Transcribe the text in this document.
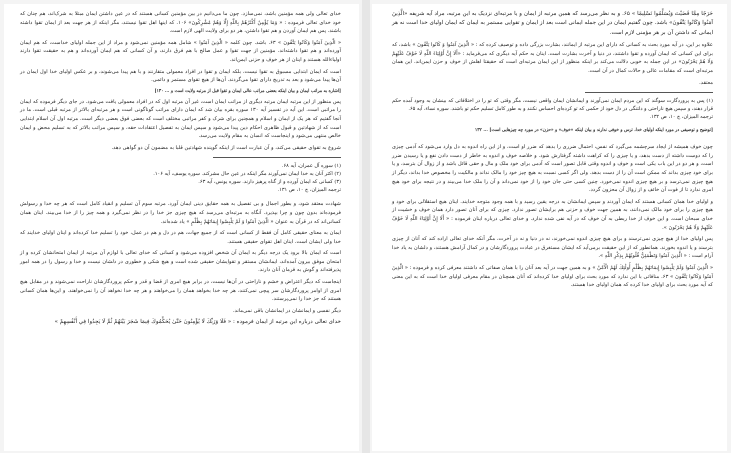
خدای تعالی ولی همه مؤمنین باشد، نمی‌سازد. چون ما می‌دانیم در بین مؤمنین کسانی هستند که در عین داشتن ایمان مبتلا به شرک‌اند، هم چنان که خود خدای تعالی فرموده : « وَمَا يُؤْمِنُ أَكْثَرُهُمْ بِاللَّهِ إِلَّا وَهُمْ مُشْرِكُونَ» ۱۰۶. که اینها اهل تقوا نیستند، مگر اینکه از هر جهت بعد از ایمان تقوا داشته باشند. پس هم ایمان آوردن و هم تقوا داشتن، هر دو برای ولایت الهی لازم است.

« الَّذِينَ آمَنُوا وَكَانُوا يَتَّقُونَ » ۶۳. باشد. چون کلمه « الَّذِينَ آمَنُوا » شامل همه مؤمنین نمی‌شود و مراد از این جمله اولیای خداست، که هم ایمان آورده‌اند و هم تقوا داشته‌اند. مؤمنین از جهت تقوا و عمل صالح با هم فرق دارند، و آن کسانی که هم ایمان آورده‌اند و هم به حقیقت تقوا دارند اولیاءالله هستند و اینان از هر خوف و حزنی ایمن‌اند.

است که ایمان ابتدایی مسبوق به تقوا نیست، بلکه ایمان و تقوا در افراد معمولی متقارنند و با هم پیدا می‌شوند، و بر عکس اولیای خدا اول ایمان در آن‌ها پیدا می‌شود و بعد به تدریج دارای تقوا می‌گردند. آن‌ها از هیچ تقوای مستمر و دائمی.

[اشاره به مراتب ایمان و بیان اینکه بعضی مراتب عالی ایمان و تقوا قبل از مرتبه ولایت است و ... ۱۳۰]

پس منظور از این مرتبه ایمان مرتبه دیگری از مراتب ایمان است، غیر آن مرتبه اول که در افراد معمولی یافت می‌شود. در جای دیگر فرموده که ایمان را مراتبی است. این آیه در تفسیر آیه ۱۳۰ سوره بقره بیان شد که ایمان دارای مراتب گوناگونی است و هر مرتبه‌ای بالاتر از مرتبه قبلی است. ما در آنجا گفتیم که هر یک از ایمان و اسلام و همچنین برای شرک و کفر مراتبی مختلف است که بعضی فوق بعضی دیگر است. مرتبه اول آن اسلام ابتدایی است که از شهادتین و قبول ظاهری احکام دین پیدا می‌شود و سپس ایمان به تفصیل اعتقادات حقه، و سپس مراتب بالاتر که به تسلیم محض و ایمان خالص منتهی می‌شود و اینجاست که انسان به مقام ولایت می‌رسد.

شروع به تقوای حقیقی می‌کند، و آن عبارت است از اینکه گوینده شهادتین قلبا به مضمون آن دو گواهی دهد.

(۱) سوره آل عمران، آیه ۶۸.

(۲) اکثر آنان به خدا ایمان نمی‌آورند مگر اینکه در عین حال مشرکند. سوره یوسف، آیه ۱۰۶.

(۳) کسانی که ایمان آورده و از گناه پرهیز دارند. سوره یونس، آیه ۶۳.

ترجمه المیزان، ج ۱۰، ص ۱۳۱.

شهادت معتقد شود، و بطور اجمال و بی تفصیل به همه حقایق دینی ایمان آورد. مرتبه سوم آن تسلیم و انقیاد کامل است که هر چه خدا و رسولش فرموده‌اند بدون چون و چرا بپذیرد. آنگاه به مرتبه‌ای می‌رسد که هیچ چیزی جز خدا را در نظر نمی‌گیرد و همه چیز را از خدا می‌بیند. اینان همان کسانی‌اند که در قرآن به عنوان « الَّذِينَ آمَنُوا وَ لَمْ يَلْبِسُوا إِيمَانَهُمْ بِظُلْمٍ » یاد شده‌اند.

ایمان به معنای حقیقی کامل آن فقط از کسانی است که از جمیع جهات، هم در دل و هم در عمل، خود را تسلیم خدا کرده‌اند و اینان اولیای خدایند که خدا ولی ایشان است. اینان اهل تقوای حقیقی هستند.

است که ایمان بالا برود یک درجه دیگر به ایمان آن شخص افزوده می‌شود و کسانی که خدای تعالی با لوازم آن مرتبه از ایمان امتحانشان کرده و از امتحان موفق بیرون آمده‌اند، ایمانشان مستقر و تقوایشان حقیقی شده است و هیچ شکی و خطوری در دلشان نیست و خدا و رسول را در همه امور پذیرفته‌اند و گوش به فرمان آنان دارند.

اینجاست که دیگر اعتراض و خشم و ناراحتی در آن‌ها نیست، در برابر هیچ امری از قضا و قدر و حکم پروردگارشان ناراحت نمی‌شوند و در مقابل هیچ امری از اوامر پروردگارشان سر پیچی نمی‌کنند، هر چه خدا بخواهد همان را می‌خواهند و هر چه خدا نخواهد آن را نمی‌خواهند. و این‌ها همان کسانی هستند که جز خدا را نمی‌پرستند.

دیگر نفسی و ایمانشان در ایمانشان باقی نمی‌ماند.

خدای تعالی درباره این مرتبه از ایمان فرموده : « فَلَا وَرَبِّكَ لَا يُؤْمِنُونَ حَتَّىٰ يُحَكِّمُوكَ فِيمَا شَجَرَ بَيْنَهُمْ ثُمَّ لَا يَجِدُوا فِي أَنْفُسِهِمْ »

حَرَجًا مِمَّا قَضَيْتَ وَيُسَلِّمُوا تَسْلِيمًا » ۶۵. و به نظر می‌رسد که همین مرتبه از ایمان و یا مرتبه‌ای نزدیک به این مرتبه، مراد آیه شریفه «الَّذِينَ آمَنُوا وَكَانُوا يَتَّقُونَ» باشد. چون گفتیم ایمان در این جمله ایمانی است بعد از ایمان و تقوایی مستمر به ایمان که ایمان اولیای خدا است نه هر ایمانی که داشتن آن بر هر مؤمنی لازم است.

علاوه بر این، در آیه مورد بحث به کسانی که دارای این مرتبه از ایمانند، بشارت بزرگی داده و توصیف کرده که : « الَّذِينَ آمَنُوا وَ كَانُوا يَتَّقُونَ » باشد، که برای این کسانی که ایمان آورده و تقوا داشتند، در دنیا و آخرت بشارت است. اینان به حکم آیه دیگری که می‌فرماید : «أَلَا إِنَّ أَوْلِيَاءَ اللَّهِ لَا خَوْفٌ عَلَيْهِمْ وَلَا هُمْ يَحْزَنُونَ» در این جمله به خوبی دلالت می‌کند بر اینکه منظور از این ایمان مرتبه‌ای است که حقیقتا اهلش از خوف و حزن ایمن‌اند. این همان مرتبه‌ای است که مقامات عالی و حالات کمال در آن است.

معتقد.

(۱) پس به پروردگارت سوگند که این مردم ایمان نمی‌آورند و ایمانشان ایمان واقعی نیست، مگر وقتی که تو را در اختلافاتی که بینشان به وجود آمده حکم قرار دهند، و سپس هیچ ناراحتی و دلتنگی در دل خود از حکمی که تو کرده‌ای احساس نکنند و به طور کامل تسلیم حکم تو باشند. سوره نساء، آیه ۶۵.

ترجمه المیزان، ج ۱۰، ص ۱۳۲.

[توضیح و توصیفی در مورد اینکه اولیای خدا، ترس و خوفی ندارند و بیان اینکه «خوف» و «حزن» در مورد چه چیزهایی است] ... ۱۳۲

چون خوف همیشه از ایجاد سرچشمه می‌گیرد که نفس، احتمال ضرری را بدهد که ضرر او است، و از این راه اندوه به دل وارد می‌شود که آدمی چیزی را که دوست داشته از دست بدهد، و یا چیزی را که کراهت داشته گرفتارش شود. و خلاصه خوف و اندوه به خاطر از دست دادن نفع و یا رسیدن ضرر است، و هر دو در این باب یکی است و خوف و اندوه وقتی قابل تصور است که آدمی برای خود ملک و مال و حقی قائل باشد و از زوال آن بترسد، و یا برای خود چیزی بداند که ممکن است آن را از دست بدهد. ولی اگر کسی نسبت به هیچ چیز خود را مالک نداند و مالکیت را مخصوص خدا بداند، دیگر از هیچ چیزی نمی‌ترسد و بر هیچ چیزی اندوه نمی‌خورد. چنین کسی حتی جان خود را از خود نمی‌داند و آن را ملک خدا می‌بیند و در نتیجه برای خود هیچ امری ندارد تا از فوت آن خائف و از زوال آن محزون گردد.

و اولیای خدا همان کسانی هستند که ایمان آوردند و سپس ایمانشان به درجه یقین رسید و با همه وجود متوجه خدایند. اینان هیچ استقلالی برای خود و هیچ چیزی را برای خود مالک نمی‌دانند، به همین جهت خوف و حزنی هم برایشان تصور ندارد. چیزی که برای آنان تصور دارد همان خوف و خشیت از خدای سبحان است. و این خوف از خدا ربطی به آن خوف که در آیه نفی شده ندارد. و خدای تعالی درباره اینان فرموده : « أَلَا إِنَّ أَوْلِيَاءَ اللَّهِ لَا خَوْفٌ عَلَيْهِمْ وَلَا هُمْ يَحْزَنُونَ ».

پس اولیای خدا از هیچ چیزی نمی‌ترسند و برای هیچ چیزی اندوه نمی‌خورند، نه در دنیا و نه در آخرت، مگر آنکه خدای تعالی اراده کند که آنان از چیزی بترسند و یا اندوه بخورند. همانطور که از این حقیقت برمی‌آید که ایشان مستغرق در عبادت پروردگارشان و در کمال آرامش هستند، و دلشان به یاد خدا آرام است : « الَّذِينَ آمَنُوا وَتَطْمَئِنُّ قُلُوبُهُمْ بِذِكْرِ اللَّهِ ».

« الَّذِينَ آمَنُوا وَلَمْ يَلْبِسُوا إِيمَانَهُمْ بِظُلْمٍ أُولَٰئِكَ لَهُمُ الْأَمْنُ » و به همین جهت در آیه بعد آنان را با همان صفاتی که داشتند معرفی کرده و فرموده : « الَّذِينَ آمَنُوا وَكَانُوا يَتَّقُونَ » ۶۳. منافاتی با این ندارد که مورد بحث برای اولیای خدا کرده‌اند که آنان همچنان در مقام معرفی اولیای خدا است که به این معنی که آیه مورد بحث برای اولیای خدا کرده که همان اولیای خدا هستند.
